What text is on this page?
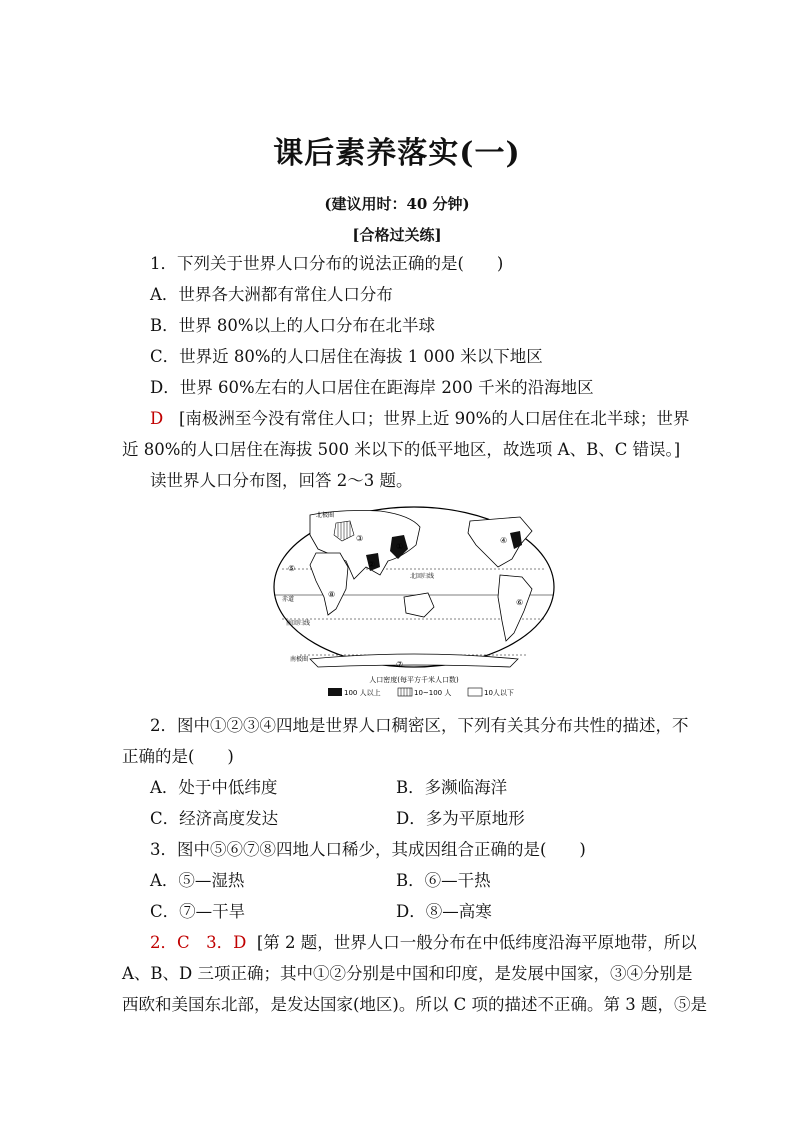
课后素养落实(一)
(建议用时：40 分钟)
[合格过关练]
1．下列关于世界人口分布的说法正确的是(　　)
A．世界各大洲都有常住人口分布
B．世界 80%以上的人口分布在北半球
C．世界近 80%的人口居住在海拔 1 000 米以下地区
D．世界 60%左右的人口居住在距海岸 200 千米的沿海地区
D [南极洲至今没有常住人口；世界上近 90%的人口居住在北半球；世界
近 80%的人口居住在海拔 500 米以下的低平地区，故选项 A、B、C 错误。]
读世界人口分布图，回答 2～3 题。
北极圈
北回归线
赤道
南回归线
南极圈
①
②
③	④
⑤
⑥
⑦
⑧
人口密度(每平方千米人口数)
100 人以上	10~100 人	10人以下
2．图中①②③④四地是世界人口稠密区，下列有关其分布共性的描述，不
正确的是(　　)
A．处于中低纬度	B．多濒临海洋
C．经济高度发达	D．多为平原地形
3．图中⑤⑥⑦⑧四地人口稀少，其成因组合正确的是(　　)
A．⑤—湿热	B．⑥—干热
C．⑦—干旱	D．⑧—高寒
2．C　3．D [第 2 题，世界人口一般分布在中低纬度沿海平原地带，所以
A、B、D 三项正确；其中①②分别是中国和印度，是发展中国家，③④分别是
西欧和美国东北部，是发达国家(地区)。所以 C 项的描述不正确。第 3 题，⑤是
